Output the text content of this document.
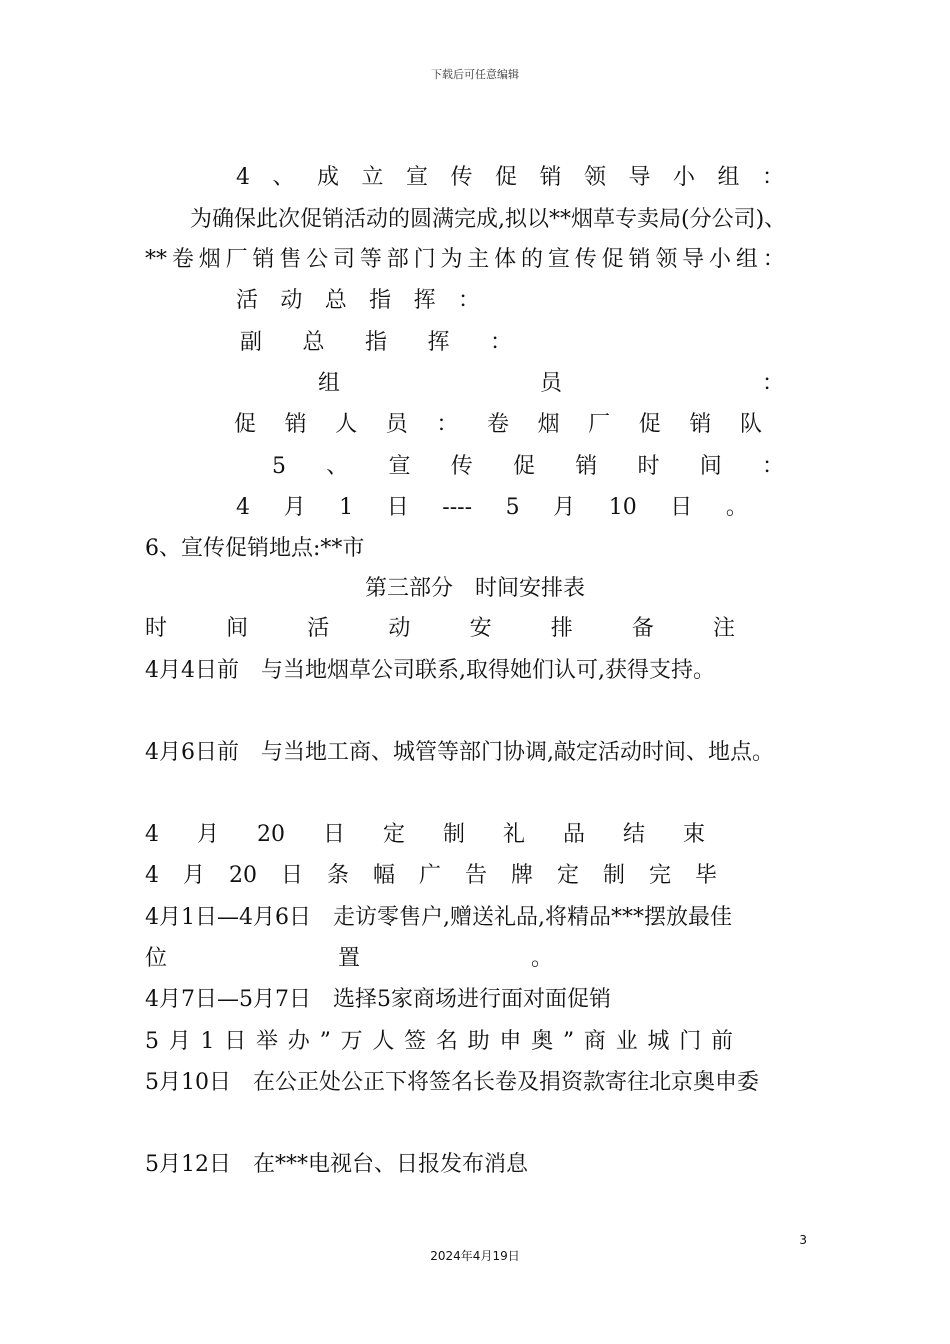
下载后可任意编辑
4 、 成 立 宣 传 促 销 领 导 小 组 ：
为确保此次促销活动的圆满完成,拟以**烟草专卖局(分公司)、
** 卷 烟 厂 销 售 公 司 等 部 门 为 主 体 的 宣 传 促 销 领 导 小 组 ：
活 动 总 指 挥 ：
副 总 指 挥 ：
组	员	：
促 销 人 员 ： 卷 烟 厂 促 销 队
5 、 宣 传 促 销 时 间 ：
4 月 1 日 ---- 5 月 10 日 。
6、宣传促销地点:**市
第三部分　时间安排表
时	间	活	动	安	排	备	注
4月4日前　与当地烟草公司联系,取得她们认可,获得支持。
4月6日前　与当地工商、城管等部门协调,敲定活动时间、地点。
4 月 20 日 定 制 礼 品 结 束
4 月 20 日 条 幅 广 告 牌 定 制 完 毕
4月1日—4月6日　走访零售户,赠送礼品,将精品***摆放最佳
位	置	。
4月7日—5月7日　选择5家商场进行面对面促销
5 月 1 日 举 办 ” 万 人 签 名 助 申 奥 ” 商 业 城 门 前
5月10日　在公正处公正下将签名长卷及捐资款寄往北京奥申委
5月12日　在***电视台、日报发布消息
3
2024年4月19日
